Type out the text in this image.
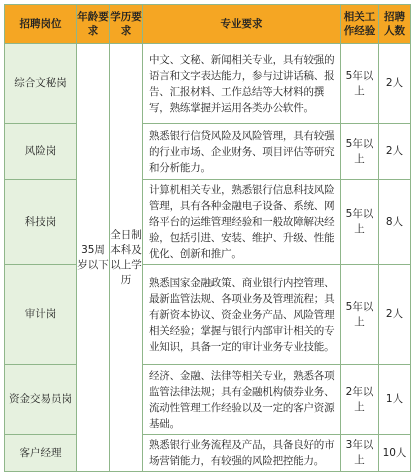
招聘岗位	年龄要求	学历要求	专业要求	相关工作经验	招聘人数
综合文秘岗	35周岁以下	全日制本科及以上学历	中文、文秘、新闻相关专业，具有较强的语言和文字表达能力，参与过讲话稿、报告、汇报材料、工作总结等大材料的撰写，熟练掌握并运用各类办公软件。	5年以上	2人
风险岗			熟悉银行信贷风险及风险管理，具有较强的行业市场、企业财务、项目评估等研究和分析能力。	5年以上	2人
科技岗			计算机相关专业，熟悉银行信息科技风险管理，具有各种金融电子设备、系统、网络平台的运维管理经验和一般故障解决经验，包括引进、安装、维护、升级、性能优化、创新和推广。	5年以上	8人
审计岗			熟悉国家金融政策、商业银行内控管理、最新监管法规、各项业务及管理流程；具有新资本协议、资金业务产品、风险管理相关经验；掌握与银行内部审计相关的专业知识，具备一定的审计业务专业技能。	5年以上	2人
资金交易员岗			经济、金融、法律等相关专业，熟悉各项监管法律法规；具有金融机构债券业务、流动性管理工作经验以及一定的客户资源基础。	2年以上	1人
客户经理			熟悉银行业务流程及产品，具备良好的市场营销能力，有较强的风险把控能力。	3年以上	10人
